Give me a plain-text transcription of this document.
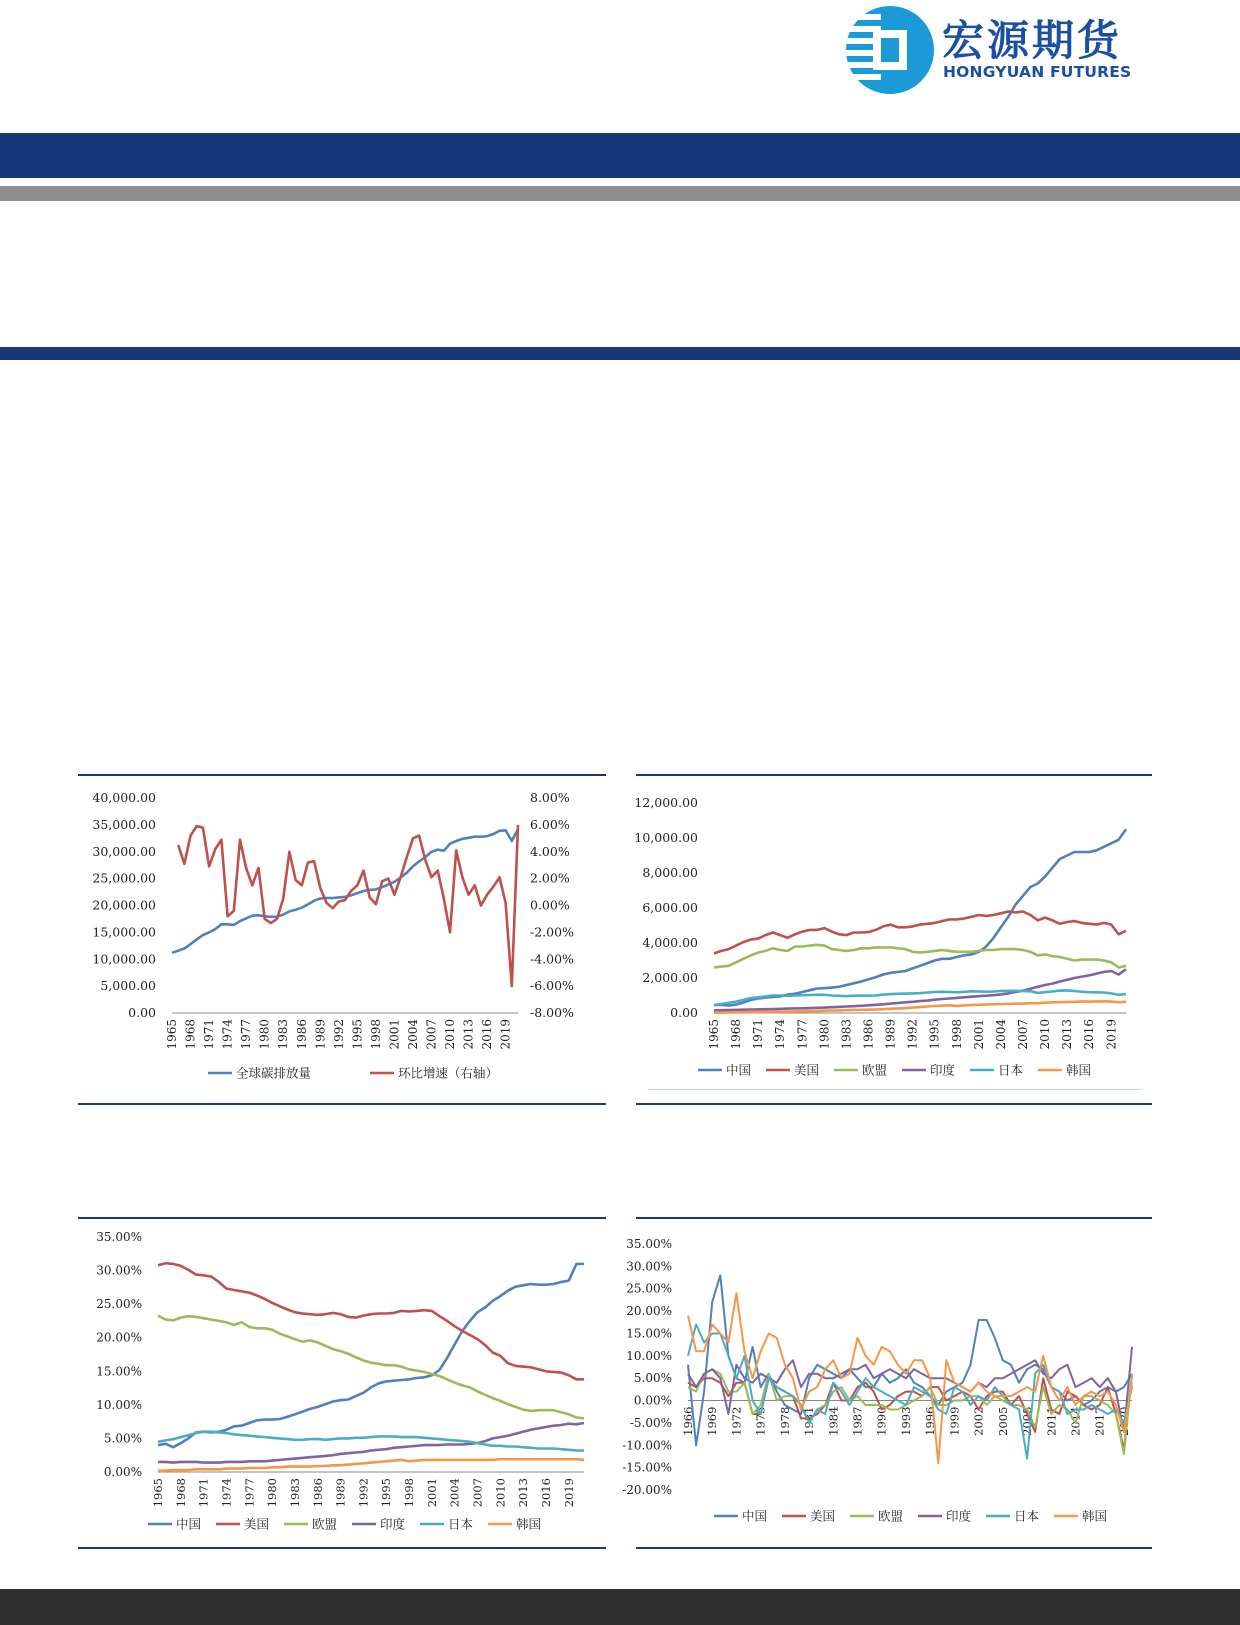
宏源期货
HONGYUAN FUTURES
0.00
5,000.00
10,000.00
15,000.00
20,000.00
25,000.00
30,000.00
35,000.00
40,000.00
-8.00%
-6.00%
-4.00%
-2.00%
0.00%
2.00%
4.00%
6.00%
8.00%
1965 1968 1971 1974 1977 1980 1983 1986 1989 1992 1995 1998 2001 2004 2007 2010 2013 2016 2019
全球碳排放量	环比增速（右轴）
0.00
2,000.00
4,000.00
6,000.00
8,000.00
10,000.00
12,000.00
1965 1968 1971 1974 1977 1980 1983 1986 1989 1992 1995 1998 2001 2004 2007 2010 2013 2016 2019
中国	美国	欧盟	印度	日本	韩国
0.00%
5.00%
10.00%
15.00%
20.00%
25.00%
30.00%
35.00%
1965 1968 1971 1974 1977 1980 1983 1986 1989 1992 1995 1998 2001 2004 2007 2010 2013 2016 2019
中国	美国	欧盟	印度	日本	韩国
-20.00%
-15.00%
-10.00%
-5.00%
0.00%
5.00%
10.00%
15.00%
20.00%
25.00%
30.00%
35.00%
1966 1969 1972 1975 1978 1981 1984 1987 1990 1993 1996 1999 2002 2005 2008 2011 2014 2017 2020
中国	美国	欧盟	印度	日本	韩国
